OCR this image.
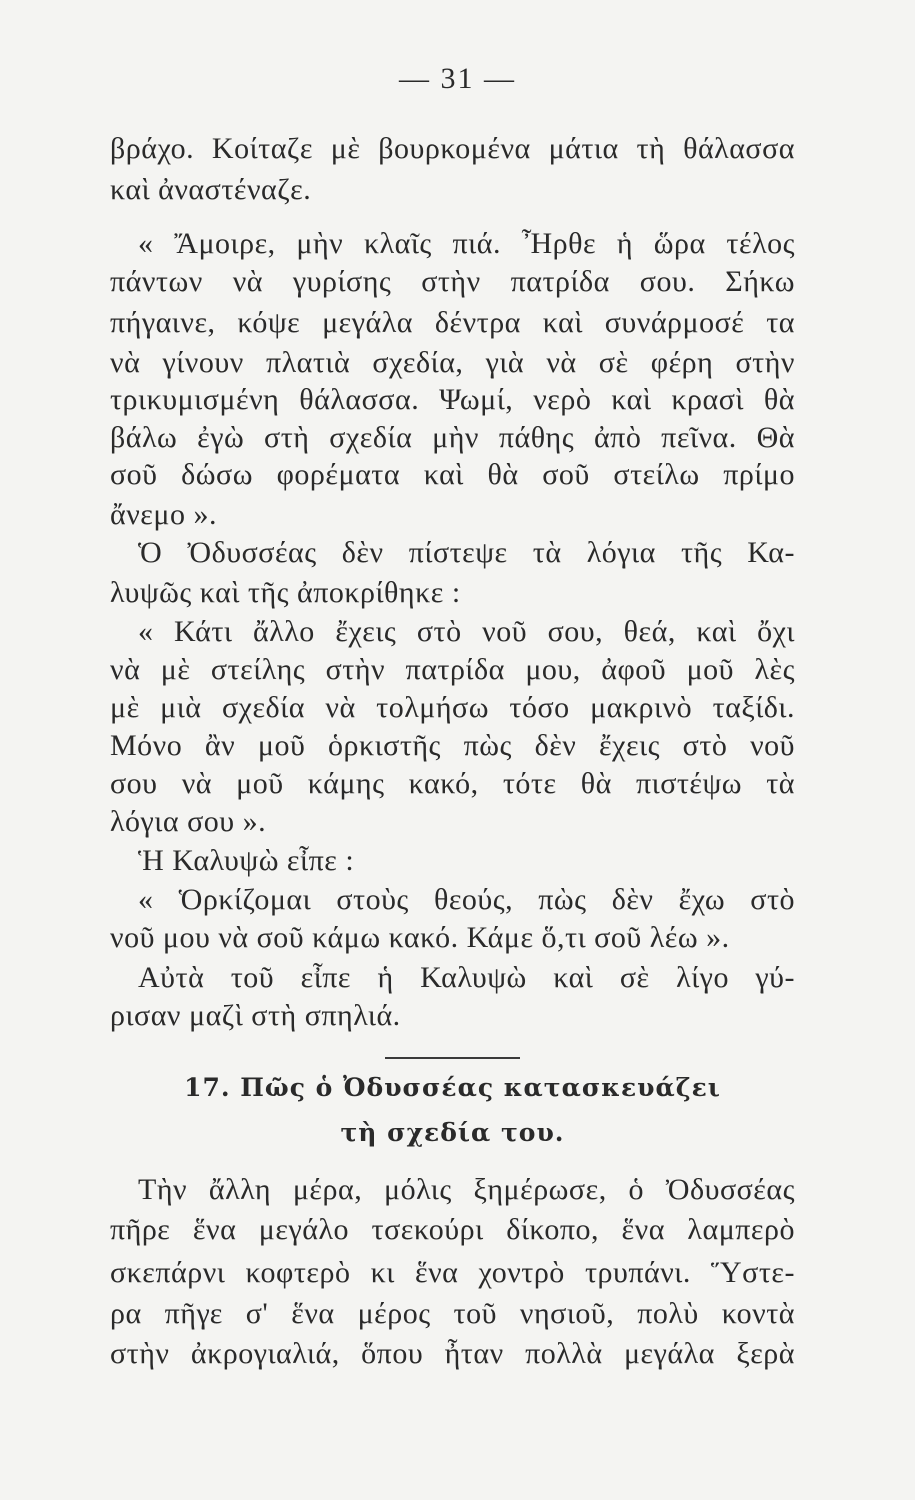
— 31 —
βράχο. Κοίταζε μὲ βουρκομένα μάτια τὴ θάλασσα
καὶ ἀναστέναζε.
« Ἄμοιρε, μὴν κλαῖς πιά. Ἦρθε ἡ ὥρα τέλος
πάντων νὰ γυρίσης στὴν πατρίδα σου. Σήκω
πήγαινε, κόψε μεγάλα δέντρα καὶ συνάρμοσέ τα
νὰ γίνουν πλατιὰ σχεδία, γιὰ νὰ σὲ φέρη στὴν
τρικυμισμένη θάλασσα. Ψωμί, νερὸ καὶ κρασὶ θὰ
βάλω ἐγὼ στὴ σχεδία μὴν πάθης ἀπὸ πεῖνα. Θὰ
σοῦ δώσω φορέματα καὶ θὰ σοῦ στείλω πρίμο
ἄνεμο ».
Ὁ Ὀδυσσέας δὲν πίστεψε τὰ λόγια τῆς Κα-
λυψῶς καὶ τῆς ἀποκρίθηκε :
« Κάτι ἄλλο ἔχεις στὸ νοῦ σου, θεά, καὶ ὄχι
νὰ μὲ στείλης στὴν πατρίδα μου, ἀφοῦ μοῦ λὲς
μὲ μιὰ σχεδία νὰ τολμήσω τόσο μακρινὸ ταξίδι.
Μόνο ἂν μοῦ ὁρκιστῆς πὼς δὲν ἔχεις στὸ νοῦ
σου νὰ μοῦ κάμης κακό, τότε θὰ πιστέψω τὰ
λόγια σου ».
Ἡ Καλυψὼ εἶπε :
« Ὁρκίζομαι στοὺς θεούς, πὼς δὲν ἔχω στὸ
νοῦ μου νὰ σοῦ κάμω κακό. Κάμε ὅ,τι σοῦ λέω ».
Αὐτὰ τοῦ εἶπε ἡ Καλυψὼ καὶ σὲ λίγο γύ-
ρισαν μαζὶ στὴ σπηλιά.
Τὴν ἄλλη μέρα, μόλις ξημέρωσε, ὁ Ὀδυσσέας
πῆρε ἕνα μεγάλο τσεκούρι δίκοπο, ἕνα λαμπερὸ
σκεπάρνι κοφτερὸ κι ἕνα χοντρὸ τρυπάνι. Ὕστε-
ρα πῆγε σ' ἕνα μέρος τοῦ νησιοῦ, πολὺ κοντὰ
στὴν ἀκρογιαλιά, ὅπου ἦταν πολλὰ μεγάλα ξερὰ
17. Πῶς ὁ Ὀδυσσέας κατασκευάζει
τὴ σχεδία του.
